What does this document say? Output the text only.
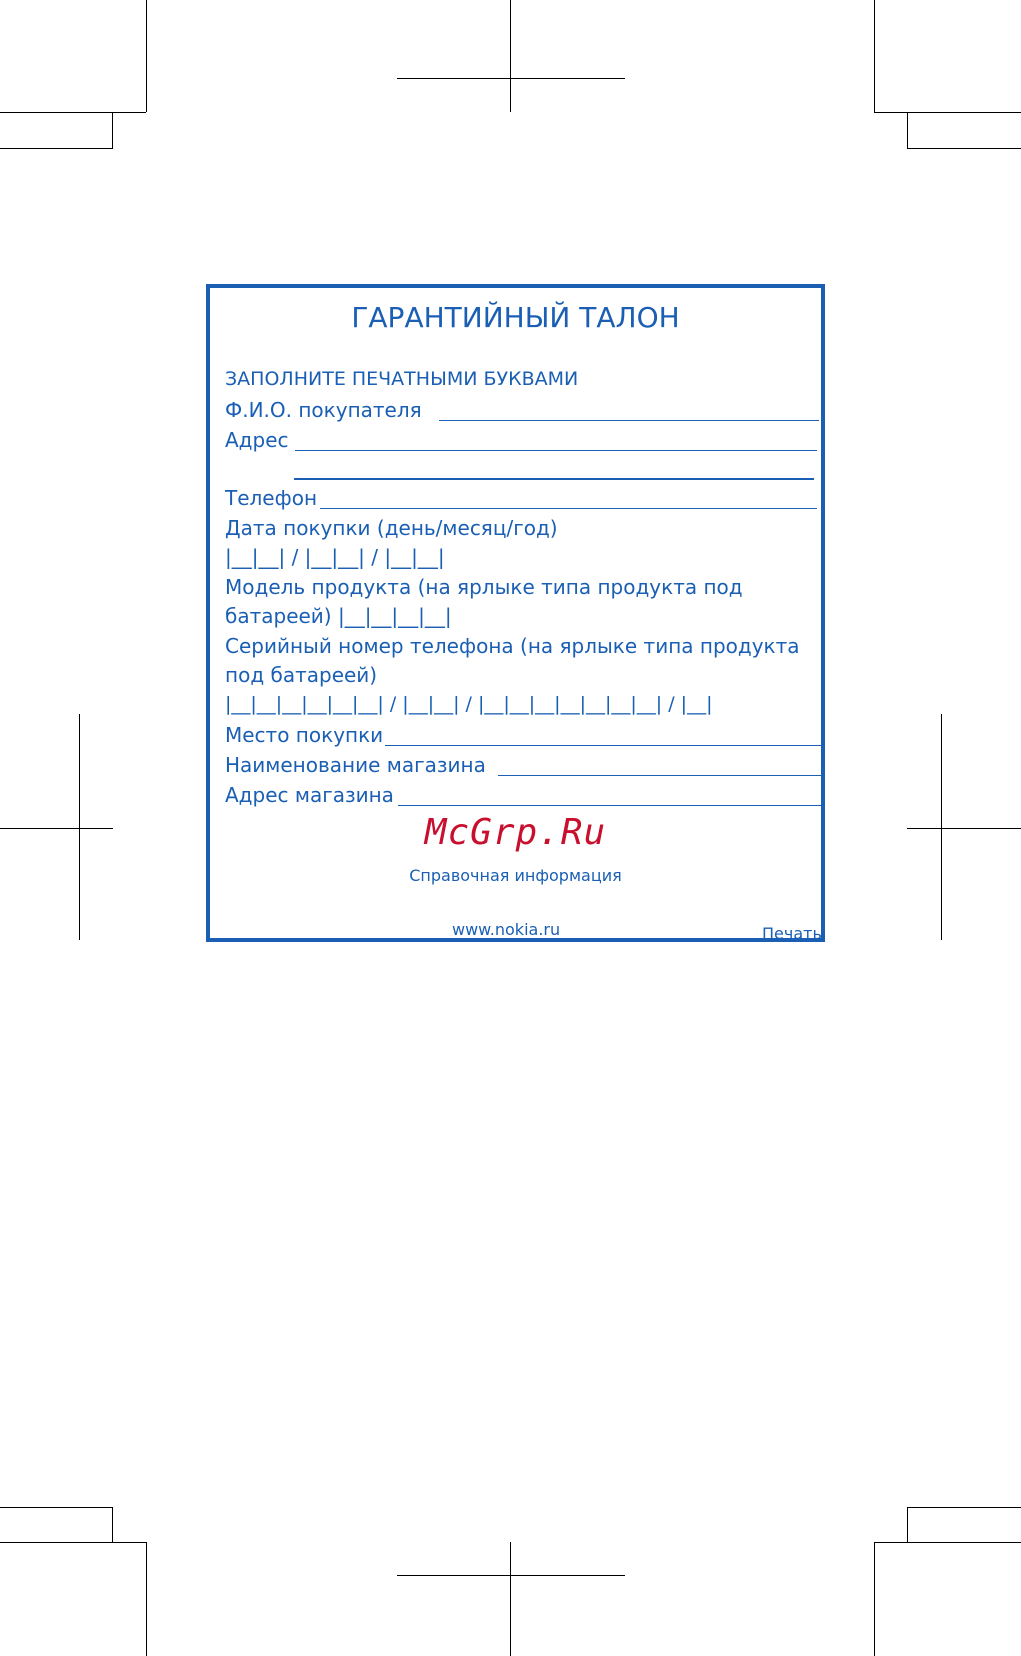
ГАРАНТИЙНЫЙ ТАЛОН
ЗАПОЛНИТЕ ПЕЧАТНЫМИ БУКВАМИ
Ф.И.О. покупателя
Адрес
Телефон
Дата покупки (день/месяц/год)
|__|__| / |__|__| / |__|__|
Модель продукта (на ярлыке типа продукта под
батареей) |__|__|__|__|
Серийный номер телефона (на ярлыке типа продукта
под батареей)
|__|__|__|__|__|__| / |__|__| / |__|__|__|__|__|__|__| / |__|
Место покупки
Наименование магазина
Адрес магазина
McGrp.Ru
Справочная информация
www.nokia.ru	Печать
